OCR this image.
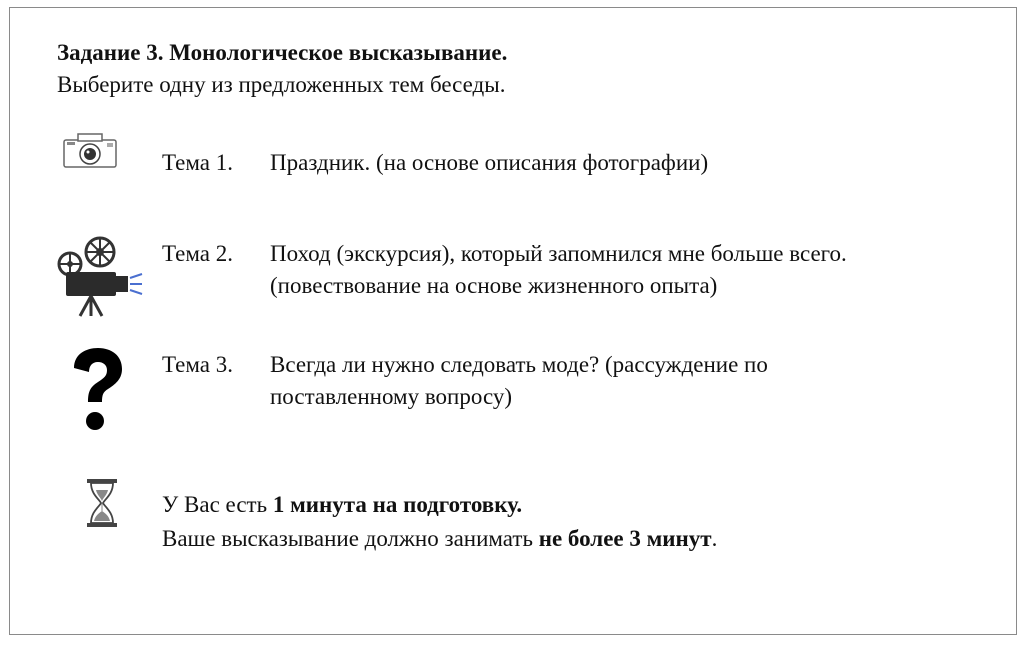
Задание 3. Монологическое высказывание.
Выберите одну из предложенных тем беседы.
Тема 1. Праздник. (на основе описания фотографии)
Тема 2. Поход (экскурсия), который запомнился мне больше всего.
(повествование на основе жизненного опыта)
Тема 3. Всегда ли нужно следовать моде? (рассуждение по
поставленному вопросу)
У Вас есть 1 минута на подготовку.
Ваше высказывание должно занимать не более 3 минут.
